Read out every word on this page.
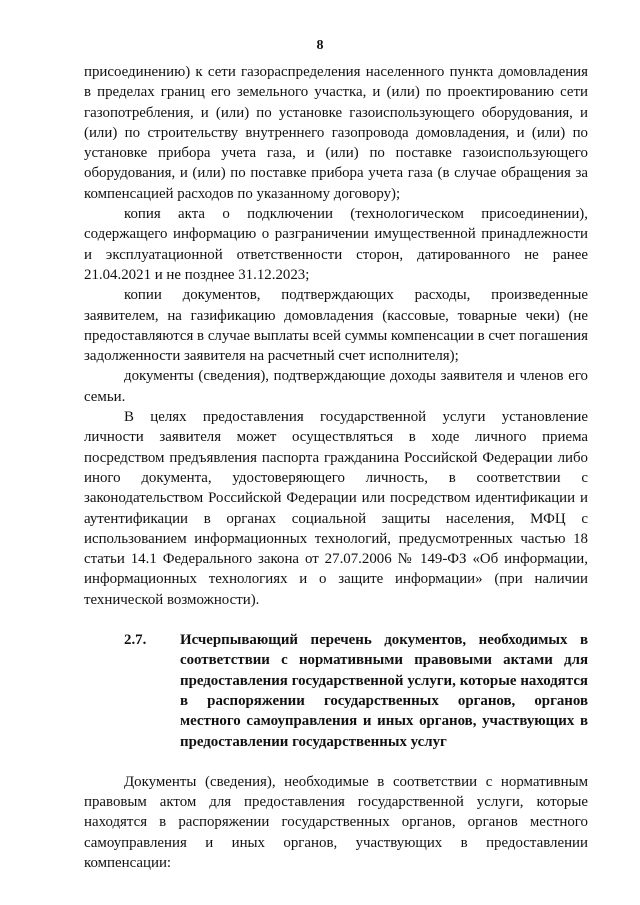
8

присоединению) к сети газораспределения населенного пункта домовладения в пределах границ его земельного участка, и (или) по проектированию сети газопотребления, и (или) по установке газоиспользующего оборудования, и (или) по строительству внутреннего газопровода домовладения, и (или) по установке прибора учета газа, и (или) по поставке газоиспользующего оборудования, и (или) по поставке прибора учета газа (в случае обращения за компенсацией расходов по указанному договору);

копия акта о подключении (технологическом присоединении), содержащего информацию о разграничении имущественной принадлежности и эксплуатационной ответственности сторон, датированного не ранее 21.04.2021 и не позднее 31.12.2023;

копии документов, подтверждающих расходы, произведенные заявителем, на газификацию домовладения (кассовые, товарные чеки) (не предоставляются в случае выплаты всей суммы компенсации в счет погашения задолженности заявителя на расчетный счет исполнителя);

документы (сведения), подтверждающие доходы заявителя и членов его семьи.

В целях предоставления государственной услуги установление личности заявителя может осуществляться в ходе личного приема посредством предъявления паспорта гражданина Российской Федерации либо иного документа, удостоверяющего личность, в соответствии с законодательством Российской Федерации или посредством идентификации и аутентификации в органах социальной защиты населения, МФЦ с использованием информационных технологий, предусмотренных частью 18 статьи 14.1 Федерального закона от 27.07.2006 № 149-ФЗ «Об информации, информационных технологиях и о защите информации» (при наличии технической возможности).

2.7.	Исчерпывающий перечень документов, необходимых в соответствии с нормативными правовыми актами для предоставления государственной услуги, которые находятся в распоряжении государственных органов, органов местного самоуправления и иных органов, участвующих в предоставлении государственных услуг

Документы (сведения), необходимые в соответствии с нормативным правовым актом для предоставления государственной услуги, которые находятся в распоряжении государственных органов, органов местного самоуправления и иных органов, участвующих в предоставлении компенсации:
